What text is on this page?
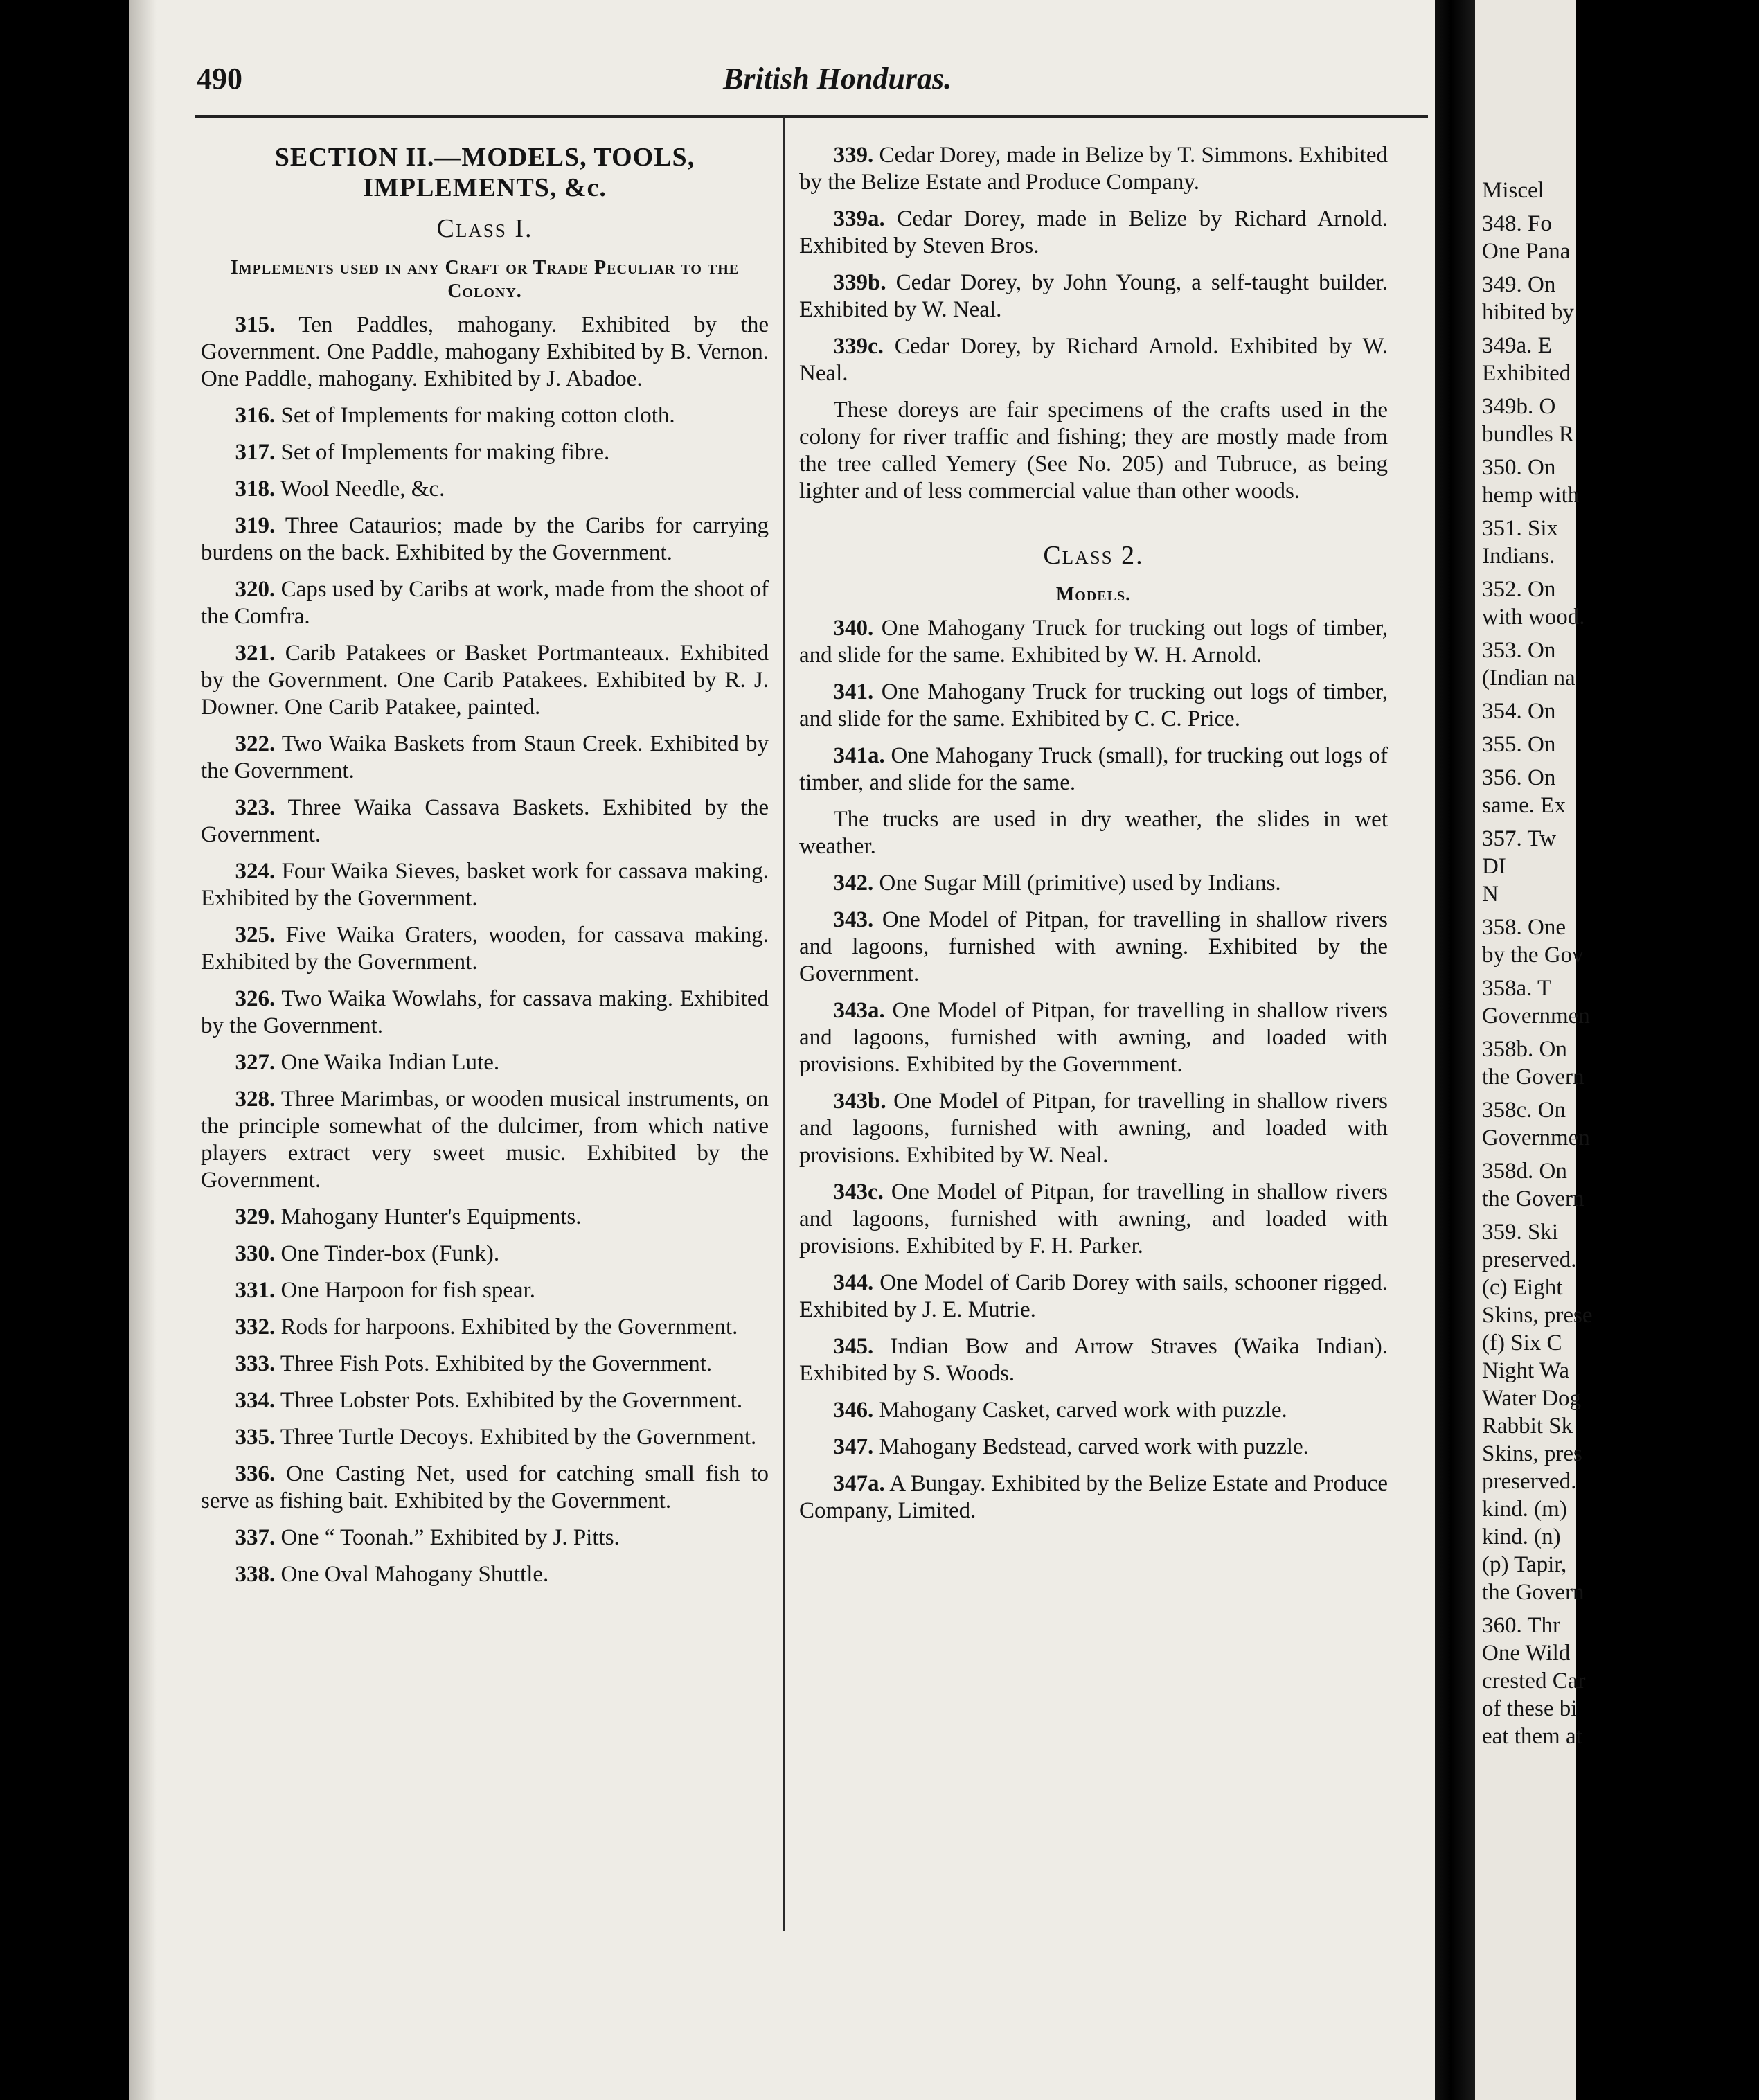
490	British Honduras.
SECTION II.—MODELS, TOOLS, IMPLEMENTS, &c.
Class I.
Implements used in any Craft or Trade Peculiar to the Colony.

315. Ten Paddles, mahogany. Exhibited by the Government. One Paddle, mahogany Exhibited by B. Vernon. One Paddle, mahogany. Exhibited by J. Abadoe.

316. Set of Implements for making cotton cloth.

317. Set of Implements for making fibre.

318. Wool Needle, &c.

319. Three Cataurios; made by the Caribs for carrying burdens on the back. Exhibited by the Government.

320. Caps used by Caribs at work, made from the shoot of the Comfra.

321. Carib Patakees or Basket Portmanteaux. Exhibited by the Government. One Carib Patakees. Exhibited by R. J. Downer. One Carib Patakee, painted.

322. Two Waika Baskets from Staun Creek. Exhibited by the Government.

323. Three Waika Cassava Baskets. Exhibited by the Government.

324. Four Waika Sieves, basket work for cassava making. Exhibited by the Government.

325. Five Waika Graters, wooden, for cassava making. Exhibited by the Government.

326. Two Waika Wowlahs, for cassava making. Exhibited by the Government.

327. One Waika Indian Lute.

328. Three Marimbas, or wooden musical instruments, on the principle somewhat of the dulcimer, from which native players extract very sweet music. Exhibited by the Government.

329. Mahogany Hunter's Equipments.

330. One Tinder-box (Funk).

331. One Harpoon for fish spear.

332. Rods for harpoons. Exhibited by the Government.

333. Three Fish Pots. Exhibited by the Government.

334. Three Lobster Pots. Exhibited by the Government.

335. Three Turtle Decoys. Exhibited by the Government.

336. One Casting Net, used for catching small fish to serve as fishing bait. Exhibited by the Government.

337. One “ Toonah.” Exhibited by J. Pitts.

338. One Oval Mahogany Shuttle.

339. Cedar Dorey, made in Belize by T. Simmons. Exhibited by the Belize Estate and Produce Company.

339a. Cedar Dorey, made in Belize by Richard Arnold. Exhibited by Steven Bros.

339b. Cedar Dorey, by John Young, a self-taught builder. Exhibited by W. Neal.

339c. Cedar Dorey, by Richard Arnold. Exhibited by W. Neal.

These doreys are fair specimens of the crafts used in the colony for river traffic and fishing; they are mostly made from the tree called Yemery (See No. 205) and Tubruce, as being lighter and of less commercial value than other woods.

Class 2.
Models.

340. One Mahogany Truck for trucking out logs of timber, and slide for the same. Exhibited by W. H. Arnold.

341. One Mahogany Truck for trucking out logs of timber, and slide for the same. Exhibited by C. C. Price.

341a. One Mahogany Truck (small), for trucking out logs of timber, and slide for the same.

The trucks are used in dry weather, the slides in wet weather.

342. One Sugar Mill (primitive) used by Indians.

343. One Model of Pitpan, for travelling in shallow rivers and lagoons, furnished with awning. Exhibited by the Government.

343a. One Model of Pitpan, for travelling in shallow rivers and lagoons, furnished with awning, and loaded with provisions. Exhibited by the Government.

343b. One Model of Pitpan, for travelling in shallow rivers and lagoons, furnished with awning, and loaded with provisions. Exhibited by W. Neal.

343c. One Model of Pitpan, for travelling in shallow rivers and lagoons, furnished with awning, and loaded with provisions. Exhibited by F. H. Parker.

344. One Model of Carib Dorey with sails, schooner rigged. Exhibited by J. E. Mutrie.

345. Indian Bow and Arrow Straves (Waika Indian). Exhibited by S. Woods.

346. Mahogany Casket, carved work with puzzle.

347. Mahogany Bedstead, carved work with puzzle.

347a. A Bungay. Exhibited by the Belize Estate and Produce Company, Limited.

Miscel
348. Fo
One Pana
349. On
hibited by
349a. E
Exhibited
349b. O
bundles R
350. On
hemp with
351. Six
Indians.
352. On
with wood.
353. On
(Indian na
354. On
355. On
356. On
same. Ex
357. Tw
DI
N
358. One
by the Gov
358a. T
Governmen
358b. On
the Govern
358c. On
Governmen
358d. On
the Govern
359. Ski
preserved.
(c) Eight
Skins, prese
(f) Six C
Night Wa
Water Dog
Rabbit Sk
Skins, pres
preserved.
kind. (m)
kind. (n)
(p) Tapir,
the Govern
360. Thr
One Wild
crested Car
of these bi
eat them at
